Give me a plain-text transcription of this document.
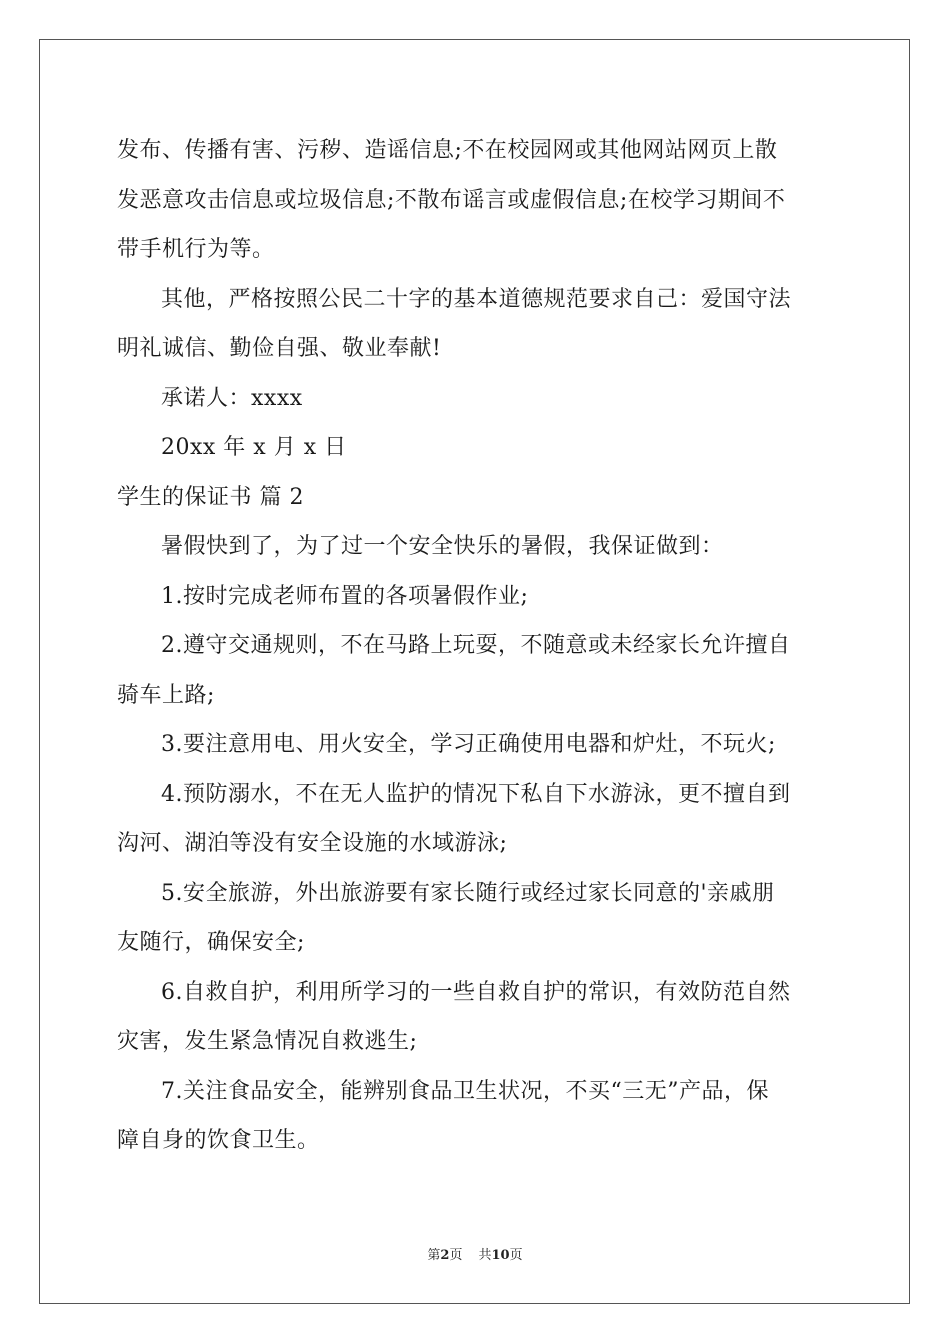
发布、传播有害、污秽、造谣信息;不在校园网或其他网站网页上散
发恶意攻击信息或垃圾信息;不散布谣言或虚假信息;在校学习期间不
带手机行为等。
其他，严格按照公民二十字的基本道德规范要求自己：爱国守法
明礼诚信、勤俭自强、敬业奉献!
承诺人：xxxx
20xx 年 x 月 x 日
学生的保证书 篇 2
暑假快到了，为了过一个安全快乐的暑假，我保证做到：
1.按时完成老师布置的各项暑假作业;
2.遵守交通规则，不在马路上玩耍，不随意或未经家长允许擅自
骑车上路;
3.要注意用电、用火安全，学习正确使用电器和炉灶，不玩火;
4.预防溺水，不在无人监护的情况下私自下水游泳，更不擅自到
沟河、湖泊等没有安全设施的水域游泳;
5.安全旅游，外出旅游要有家长随行或经过家长同意的'亲戚朋
友随行，确保安全;
6.自救自护，利用所学习的一些自救自护的常识，有效防范自然
灾害，发生紧急情况自救逃生;
7.关注食品安全，能辨别食品卫生状况，不买“三无”产品，保
障自身的饮食卫生。
第2页 共10页
